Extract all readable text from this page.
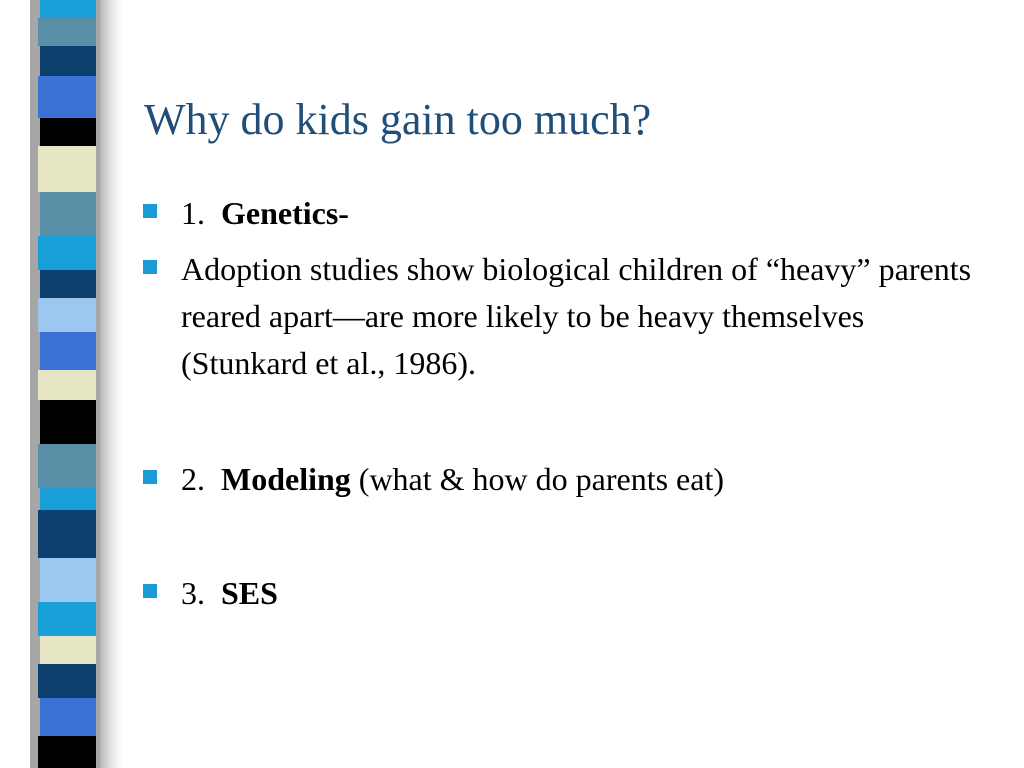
Why do kids gain too much?
1. Genetics-
Adoption studies show biological children of “heavy” parents reared apart—are more likely to be heavy themselves (Stunkard et al., 1986).
2. Modeling (what & how do parents eat)
3. SES
